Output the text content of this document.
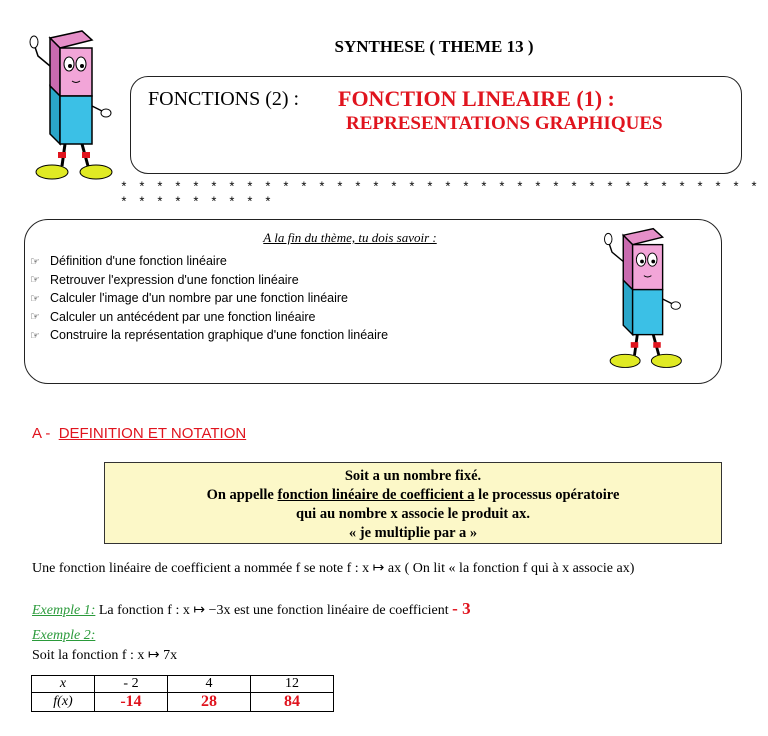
SYNTHESE ( THEME 13 )
FONCTIONS (2) : FONCTION LINEAIRE (1) :
REPRESENTATIONS GRAPHIQUES
* * * * * * * * * * * * * * * * * * * * * * * * * * * * * * * * * * * * * * * * * * * * *
A la fin du thème, tu dois savoir :
☞ Définition d'une fonction linéaire
☞ Retrouver l'expression d'une fonction linéaire
☞ Calculer l'image d'un nombre par une fonction linéaire
☞ Calculer un antécédent par une fonction linéaire
☞ Construire la représentation graphique d'une fonction linéaire
A - DEFINITION ET NOTATION
Soit a un nombre fixé.
On appelle fonction linéaire de coefficient a le processus opératoire
qui au nombre x associe le produit ax.
« je multiplie par a »
Une fonction linéaire de coefficient a nommée f se note f : x ↦ ax ( On lit « la fonction f qui à x associe ax)
Exemple 1: La fonction f : x ↦ −3x est une fonction linéaire de coefficient - 3
Exemple 2:
Soit la fonction f : x ↦ 7x
x	- 2	4	12
f(x)	-14	28	84
